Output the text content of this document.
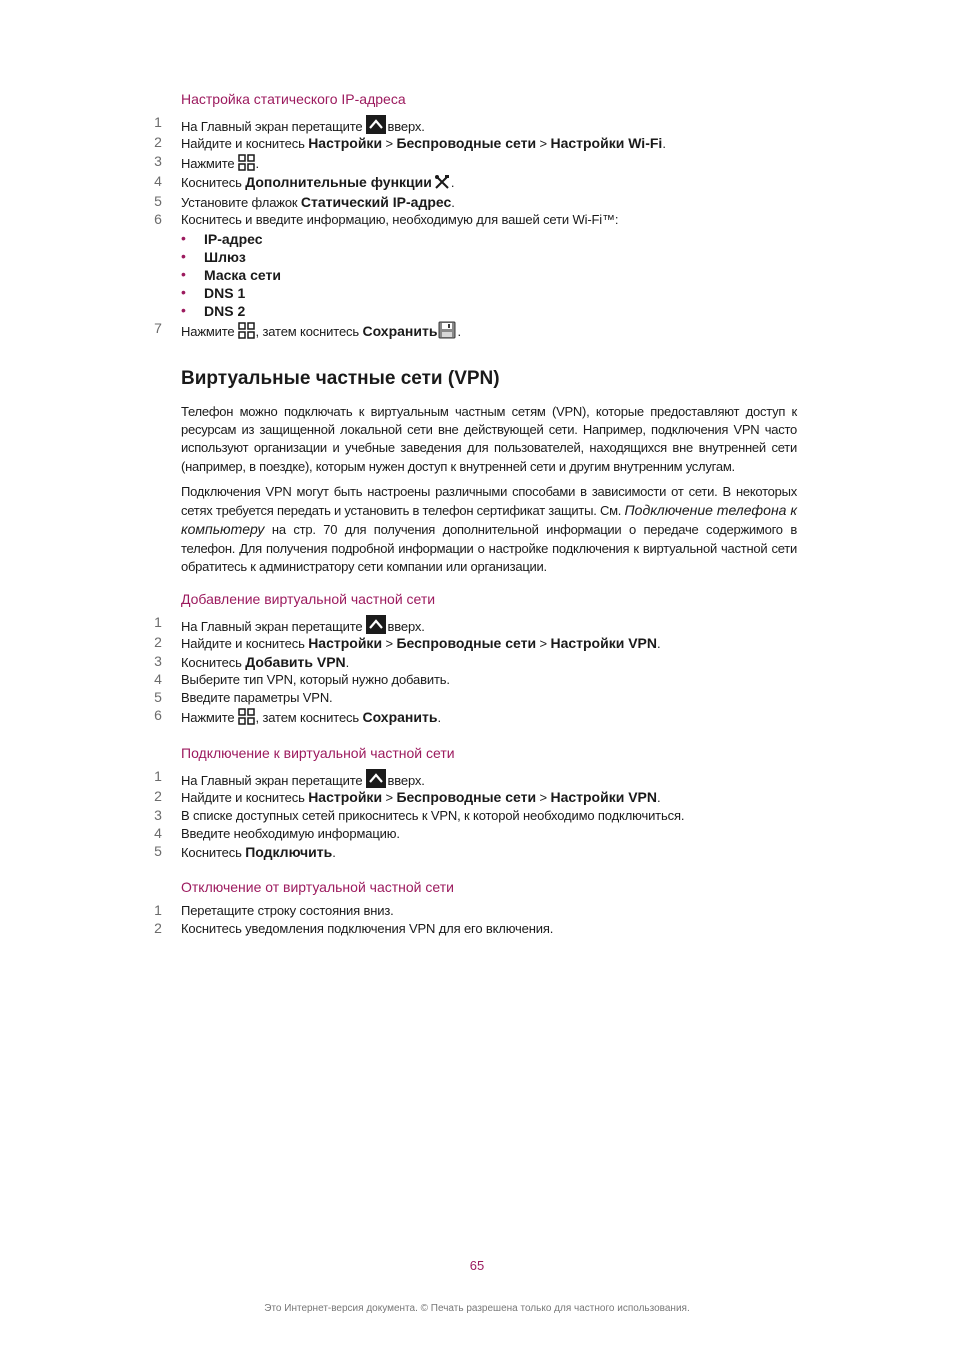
Настройка статического IP-адреса
1	На Главный экран перетащите вверх.
2	Найдите и коснитесь Настройки > Беспроводные сети > Настройки Wi-Fi.
3	Нажмите .
4	Коснитесь Дополнительные функции .
5	Установите флажок Статический IP-адрес.
6	Коснитесь и введите информацию, необходимую для вашей сети Wi-Fi™:
• IP-адрес
• Шлюз
• Маска сети
• DNS 1
• DNS 2
7	Нажмите , затем коснитесь Сохранить .
Виртуальные частные сети (VPN)
Телефон можно подключать к виртуальным частным сетям (VPN), которые предоставляют доступ к ресурсам из защищенной локальной сети вне действующей сети. Например, подключения VPN часто используют организации и учебные заведения для пользователей, находящихся вне внутренней сети (например, в поездке), которым нужен доступ к внутренней сети и другим внутренним услугам.
Подключения VPN могут быть настроены различными способами в зависимости от сети. В некоторых сетях требуется передать и установить в телефон сертификат защиты. См. Подключение телефона к компьютеру на стр. 70 для получения дополнительной информации о передаче содержимого в телефон. Для получения подробной информации о настройке подключения к виртуальной частной сети обратитесь к администратору сети компании или организации.
Добавление виртуальной частной сети
1	На Главный экран перетащите вверх.
2	Найдите и коснитесь Настройки > Беспроводные сети > Настройки VPN.
3	Коснитесь Добавить VPN.
4	Выберите тип VPN, который нужно добавить.
5	Введите параметры VPN.
6	Нажмите , затем коснитесь Сохранить.
Подключение к виртуальной частной сети
1	На Главный экран перетащите вверх.
2	Найдите и коснитесь Настройки > Беспроводные сети > Настройки VPN.
3	В списке доступных сетей прикоснитесь к VPN, к которой необходимо подключиться.
4	Введите необходимую информацию.
5	Коснитесь Подключить.
Отключение от виртуальной частной сети
1	Перетащите строку состояния вниз.
2	Коснитесь уведомления подключения VPN для его включения.
65
Это Интернет-версия документа. © Печать разрешена только для частного использования.
